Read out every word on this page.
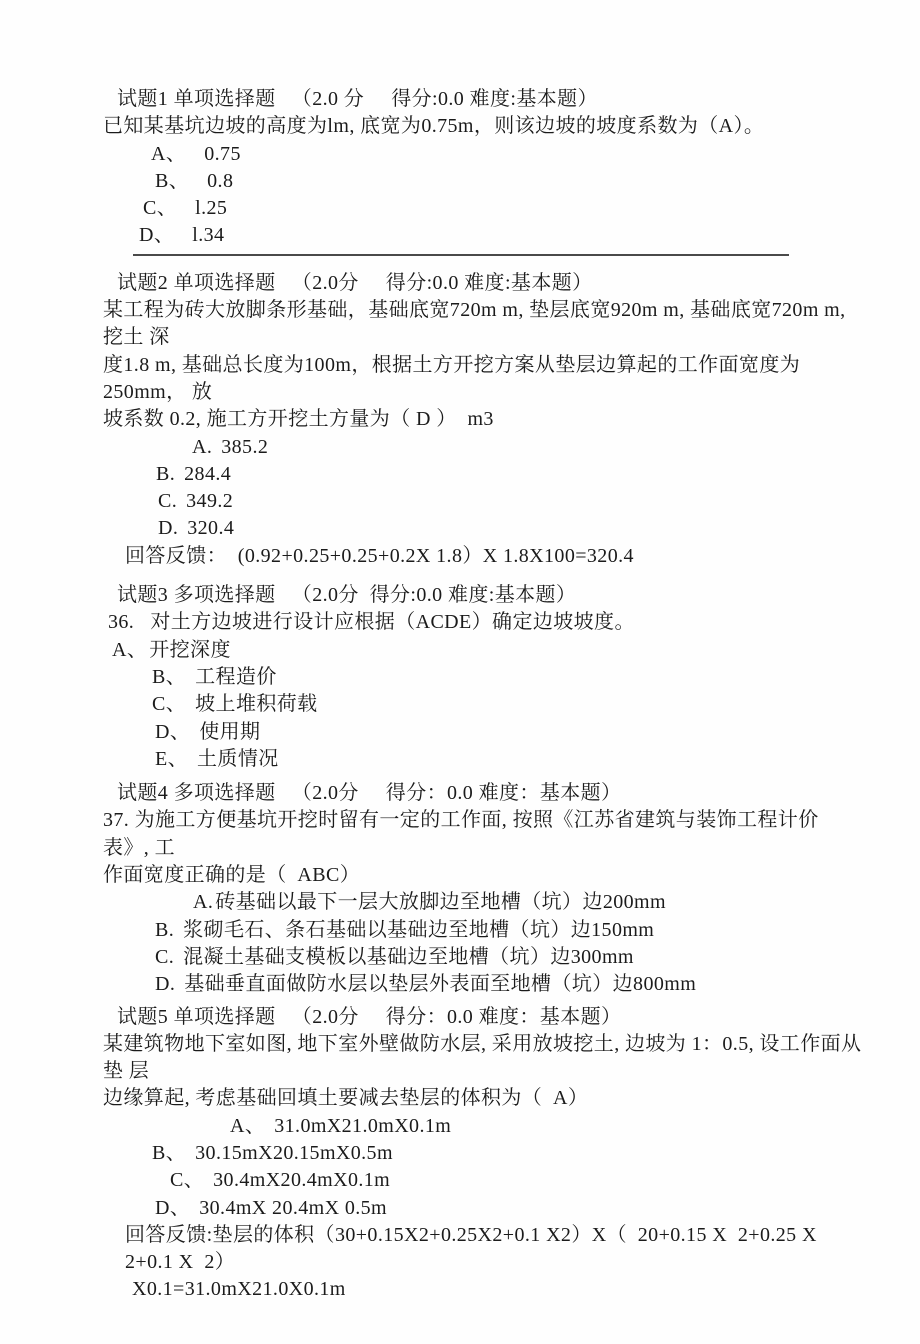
试题1 单项选择题   （2.0 分     得分:0.0 难度:基本题）
已知某基坑边坡的高度为lm, 底宽为0.75m，则该边坡的坡度系数为（A）。
A、 0.75
B、 0.8
C、 l.25
D、 l.34
试题2 单项选择题   （2.0分     得分:0.0 难度:基本题）
某工程为砖大放脚条形基础，基础底宽720m m, 垫层底宽920m m, 基础底宽720m m, 挖土 深
度1.8 m, 基础总长度为100m，根据土方开挖方案从垫层边算起的工作面宽度为250mm， 放
坡系数 0.2, 施工方开挖土方量为（ D ）  m3
A. 385.2
B. 284.4
C. 349.2
D. 320.4
回答反馈：  (0.92+0.25+0.25+0.2X 1.8）X 1.8X100=320.4
试题3 多项选择题   （2.0分  得分:0.0 难度:基本题）
36.   对土方边坡进行设计应根据（ACDE）确定边坡坡度。
A、 开挖深度
B、 工程造价
C、 坡上堆积荷载
D、 使用期
E、 土质情况
试题4 多项选择题   （2.0分     得分：0.0 难度：基本题）
37. 为施工方便基坑开挖时留有一定的工作面, 按照《江苏省建筑与装饰工程计价表》, 工
作面宽度正确的是（  ABC）
A. 砖基础以最下一层大放脚边至地槽（坑）边200mm
B. 浆砌毛石、条石基础以基础边至地槽（坑）边150mm
C. 混凝土基础支模板以基础边至地槽（坑）边300mm
D. 基础垂直面做防水层以垫层外表面至地槽（坑）边800mm
试题5 单项选择题   （2.0分     得分：0.0 难度：基本题）
某建筑物地下室如图, 地下室外壁做防水层, 采用放坡挖土, 边坡为 1：0.5, 设工作面从垫 层
边缘算起, 考虑基础回填土要减去垫层的体积为（  A）
A、 31.0mX21.0mX0.1m
B、 30.15mX20.15mX0.5m
C、 30.4mX20.4mX0.1m
D、 30.4mX 20.4mX 0.5m
回答反馈:垫层的体积（30+0.15X2+0.25X2+0.1 X2）X（  20+0.15 X  2+0.25 X  2+0.1 X  2）
X0.1=31.0mX21.0X0.1m
